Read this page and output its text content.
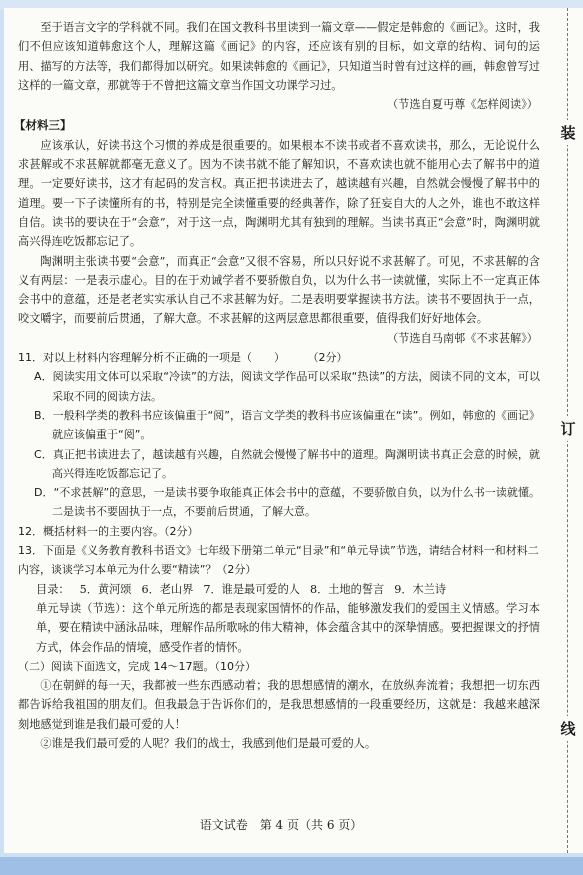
至于语言文字的学科就不同。我们在国文教科书里读到一篇文章——假定是韩愈的《画记》。这时，我们不但应该知道韩愈这个人，理解这篇《画记》的内容，还应该有别的目标，如文章的结构、词句的运用、描写的方法等，我们都得加以研究。如果读韩愈的《画记》，只知道当时曾有过这样的画，韩愈曾写过这样的一篇文章，那就等于不曾把这篇文章当作国文功课学习过。

（节选自夏丏尊《怎样阅读》）

【材料三】

应该承认，好读书这个习惯的养成是很重要的。如果根本不读书或者不喜欢读书，那么，无论说什么求甚解或不求甚解就都毫无意义了。因为不读书就不能了解知识，不喜欢读也就不能用心去了解书中的道理。一定要好读书，这才有起码的发言权。真正把书读进去了，越读越有兴趣，自然就会慢慢了解书中的道理。要一下子读懂所有的书，特别是完全读懂重要的经典著作，除了狂妄自大的人之外，谁也不敢这样自信。读书的要诀在于“会意”，对于这一点，陶渊明尤其有独到的理解。当读书真正“会意”时，陶渊明就高兴得连吃饭都忘记了。

陶渊明主张读书要“会意”，而真正“会意”又很不容易，所以只好说不求甚解了。可见，不求甚解的含义有两层：一是表示虚心。目的在于劝诫学者不要骄傲自负，以为什么书一读就懂，实际上不一定真正体会书中的意蕴，还是老老实实承认自己不求甚解为好。二是表明要掌握读书方法。读书不要固执于一点，咬文嚼字，而要前后贯通，了解大意。不求甚解的这两层意思都很重要，值得我们好好地体会。

（节选自马南邨《不求甚解》）

11．对以上材料内容理解分析不正确的一项是（　　）	（2分）

A．阅读实用文体可以采取“冷读”的方法，阅读文学作品可以采取“热读”的方法，阅读不同的文本，可以采取不同的阅读方法。

B．一般科学类的教科书应该偏重于“阅”，语言文学类的教科书应该偏重在“读”。例如，韩愈的《画记》就应该偏重于“阅”。

C．真正把书读进去了，越读越有兴趣，自然就会慢慢了解书中的道理。陶渊明读书真正会意的时候，就高兴得连吃饭都忘记了。

D．“不求甚解”的意思，一是读书要争取能真正体会书中的意蕴，不要骄傲自负，以为什么书一读就懂。二是读书不要固执于一点，不要前后贯通，了解大意。

12．概括材料一的主要内容。（2分）

13．下面是《义务教育教科书语文》七年级下册第二单元“目录”和“单元导读”节选，请结合材料一和材料二内容，谈谈学习本单元为什么要“精读”？（2分）

目录： 5．黄河颂 6．老山界 7．谁是最可爱的人 8．土地的誓言 9．木兰诗

单元导读（节选）：这个单元所选的都是表现家国情怀的作品，能够激发我们的爱国主义情感。学习本单，要在精读中涵泳品味，理解作品所歌咏的伟大精神，体会蕴含其中的深挚情感。要把握课文的抒情方式，体会作品的情境，感受作者的情怀。

（二）阅读下面选文，完成 14～17题。（10分）

①在朝鲜的每一天，我都被一些东西感动着；我的思想感情的潮水，在放纵奔流着；我想把一切东西都告诉给我祖国的朋友们。但我最急于告诉你们的，是我思想感情的一段重要经历，这就是：我越来越深刻地感觉到谁是我们最可爱的人！

②谁是我们最可爱的人呢？我们的战士，我感到他们是最可爱的人。

语文试卷　第 4 页（共 6 页）
装
订
线
